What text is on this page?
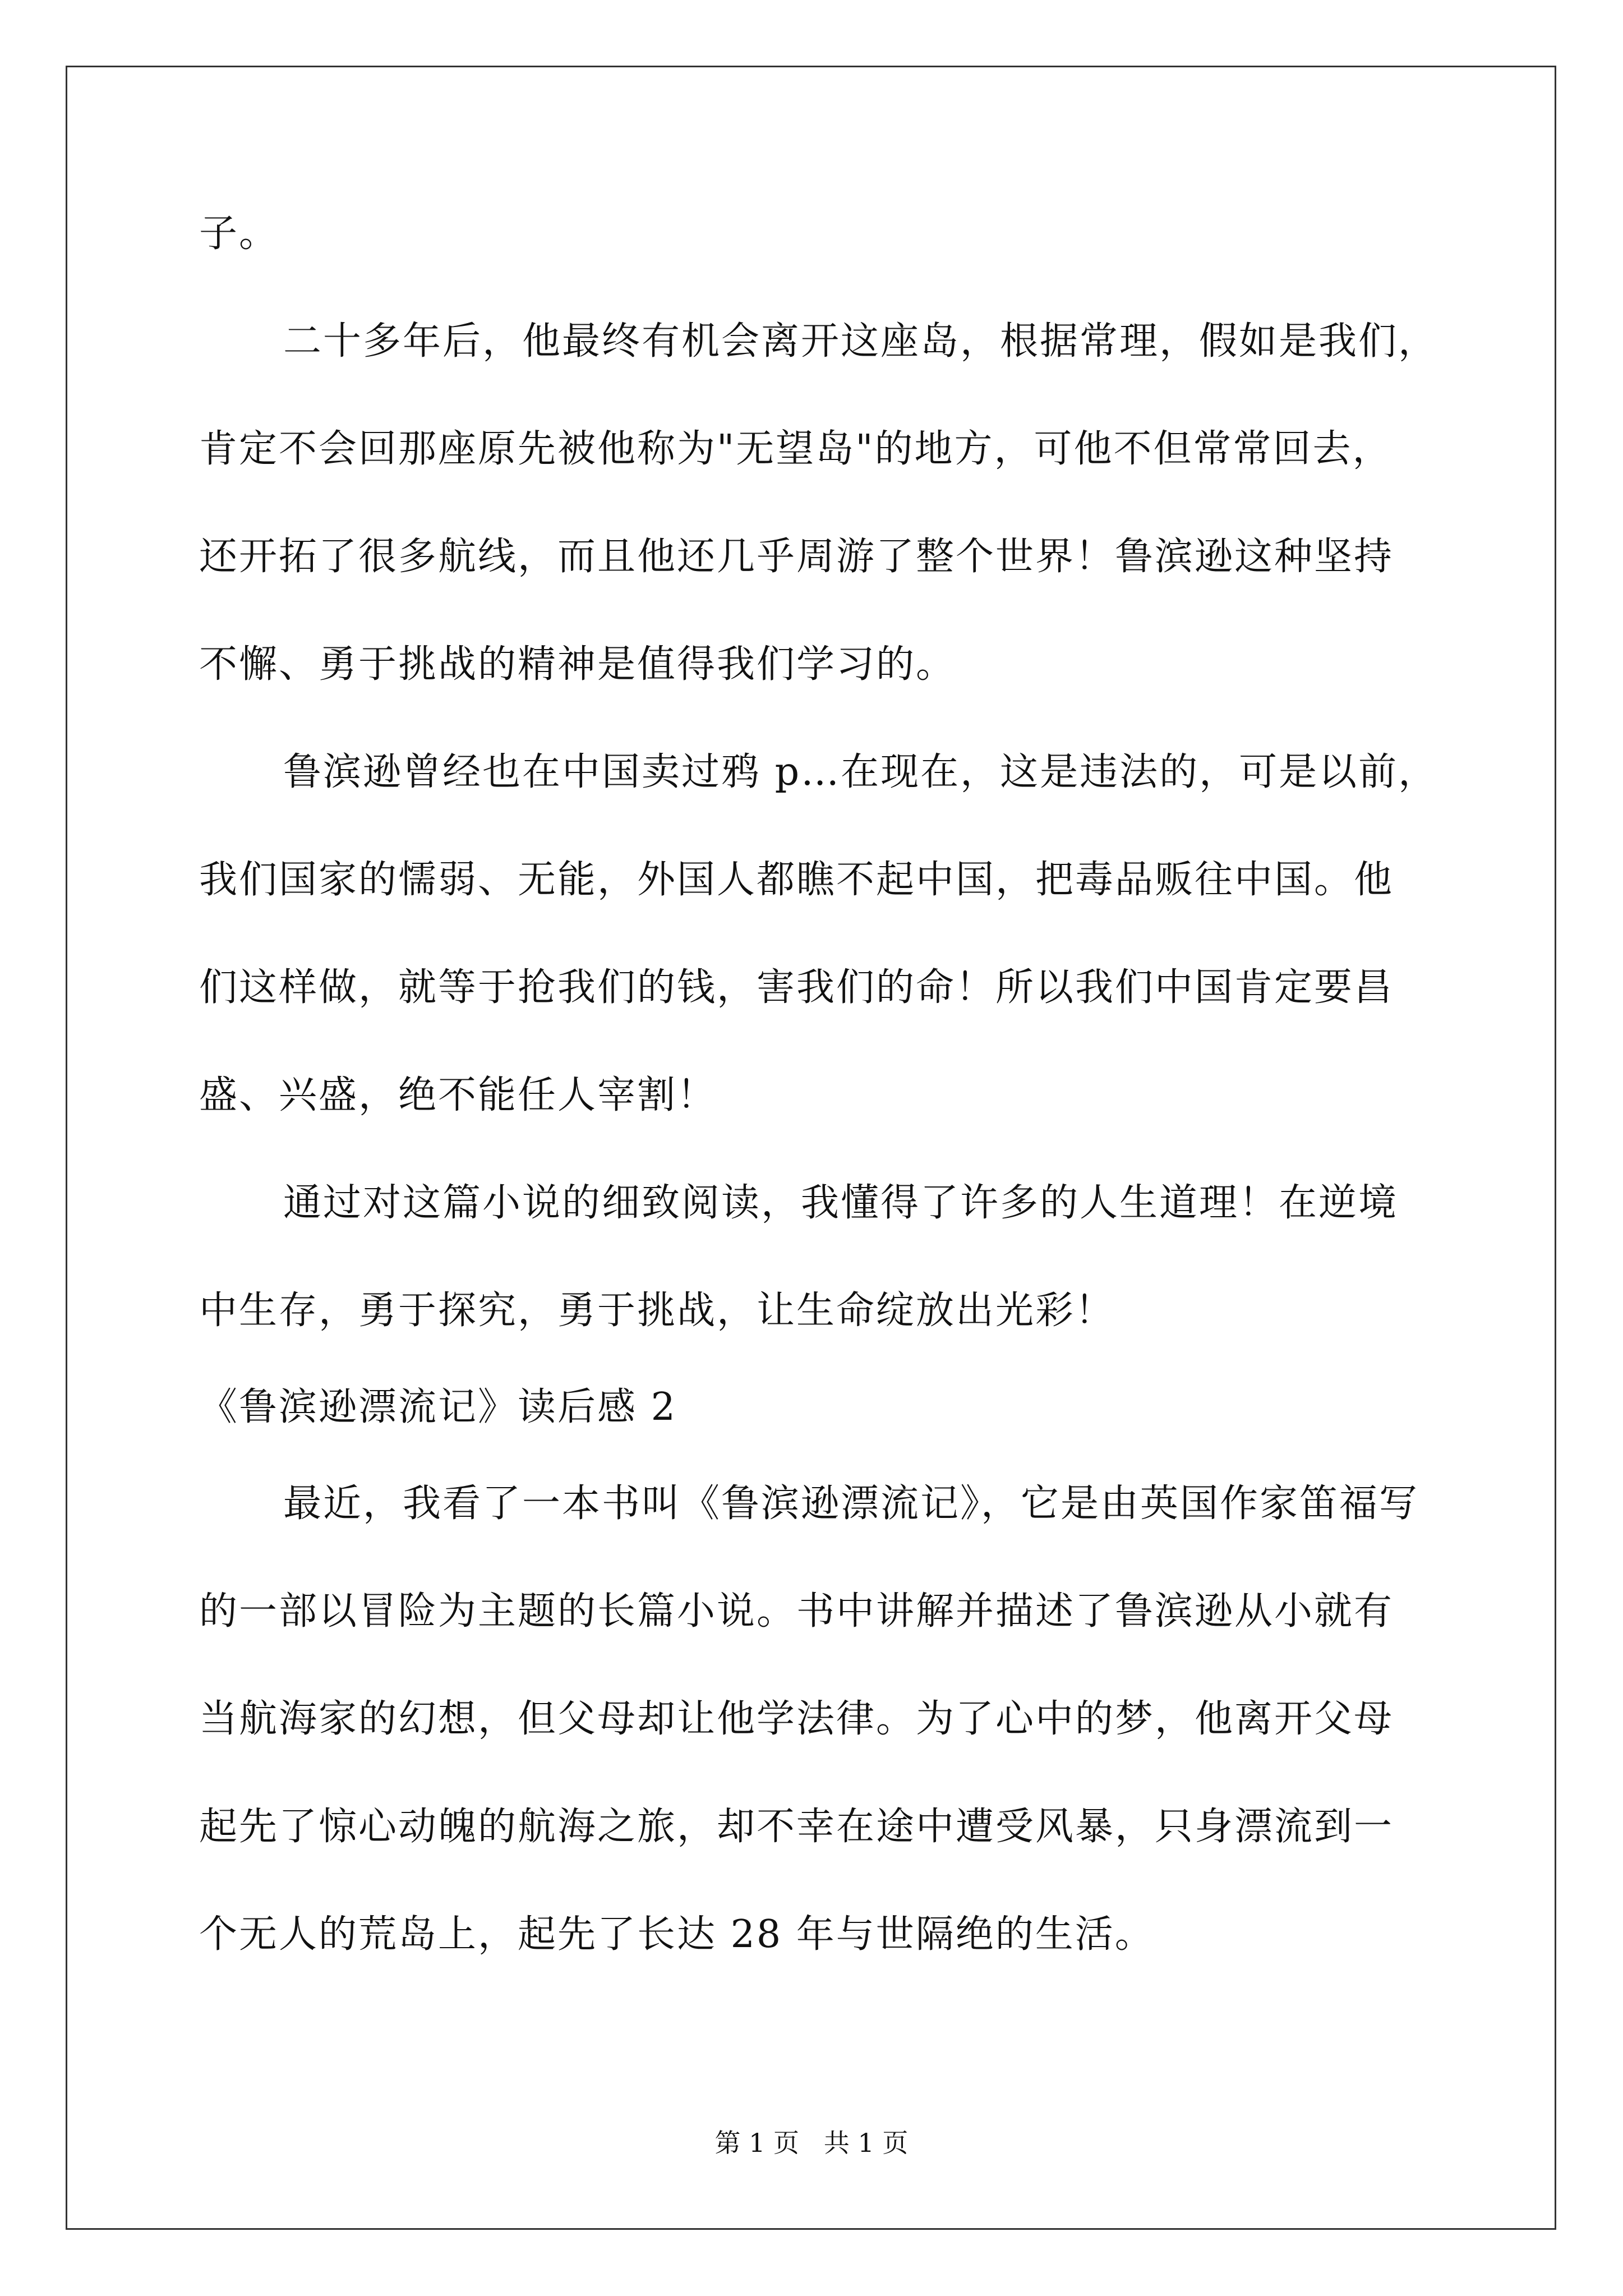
子。
二十多年后，他最终有机会离开这座岛，根据常理，假如是我们，
肯定不会回那座原先被他称为"无望岛"的地方，可他不但常常回去，
还开拓了很多航线，而且他还几乎周游了整个世界！鲁滨逊这种坚持
不懈、勇于挑战的精神是值得我们学习的。
鲁滨逊曾经也在中国卖过鸦 p…在现在，这是违法的，可是以前，
我们国家的懦弱、无能，外国人都瞧不起中国，把毒品贩往中国。他
们这样做，就等于抢我们的钱，害我们的命！所以我们中国肯定要昌
盛、兴盛，绝不能任人宰割！
通过对这篇小说的细致阅读，我懂得了许多的人生道理！在逆境
中生存，勇于探究，勇于挑战，让生命绽放出光彩！
《鲁滨逊漂流记》读后感 2
最近，我看了一本书叫《鲁滨逊漂流记》，它是由英国作家笛福写
的一部以冒险为主题的长篇小说。书中讲解并描述了鲁滨逊从小就有
当航海家的幻想，但父母却让他学法律。为了心中的梦，他离开父母
起先了惊心动魄的航海之旅，却不幸在途中遭受风暴，只身漂流到一
个无人的荒岛上，起先了长达 28 年与世隔绝的生活。
第 1 页   共 1 页
